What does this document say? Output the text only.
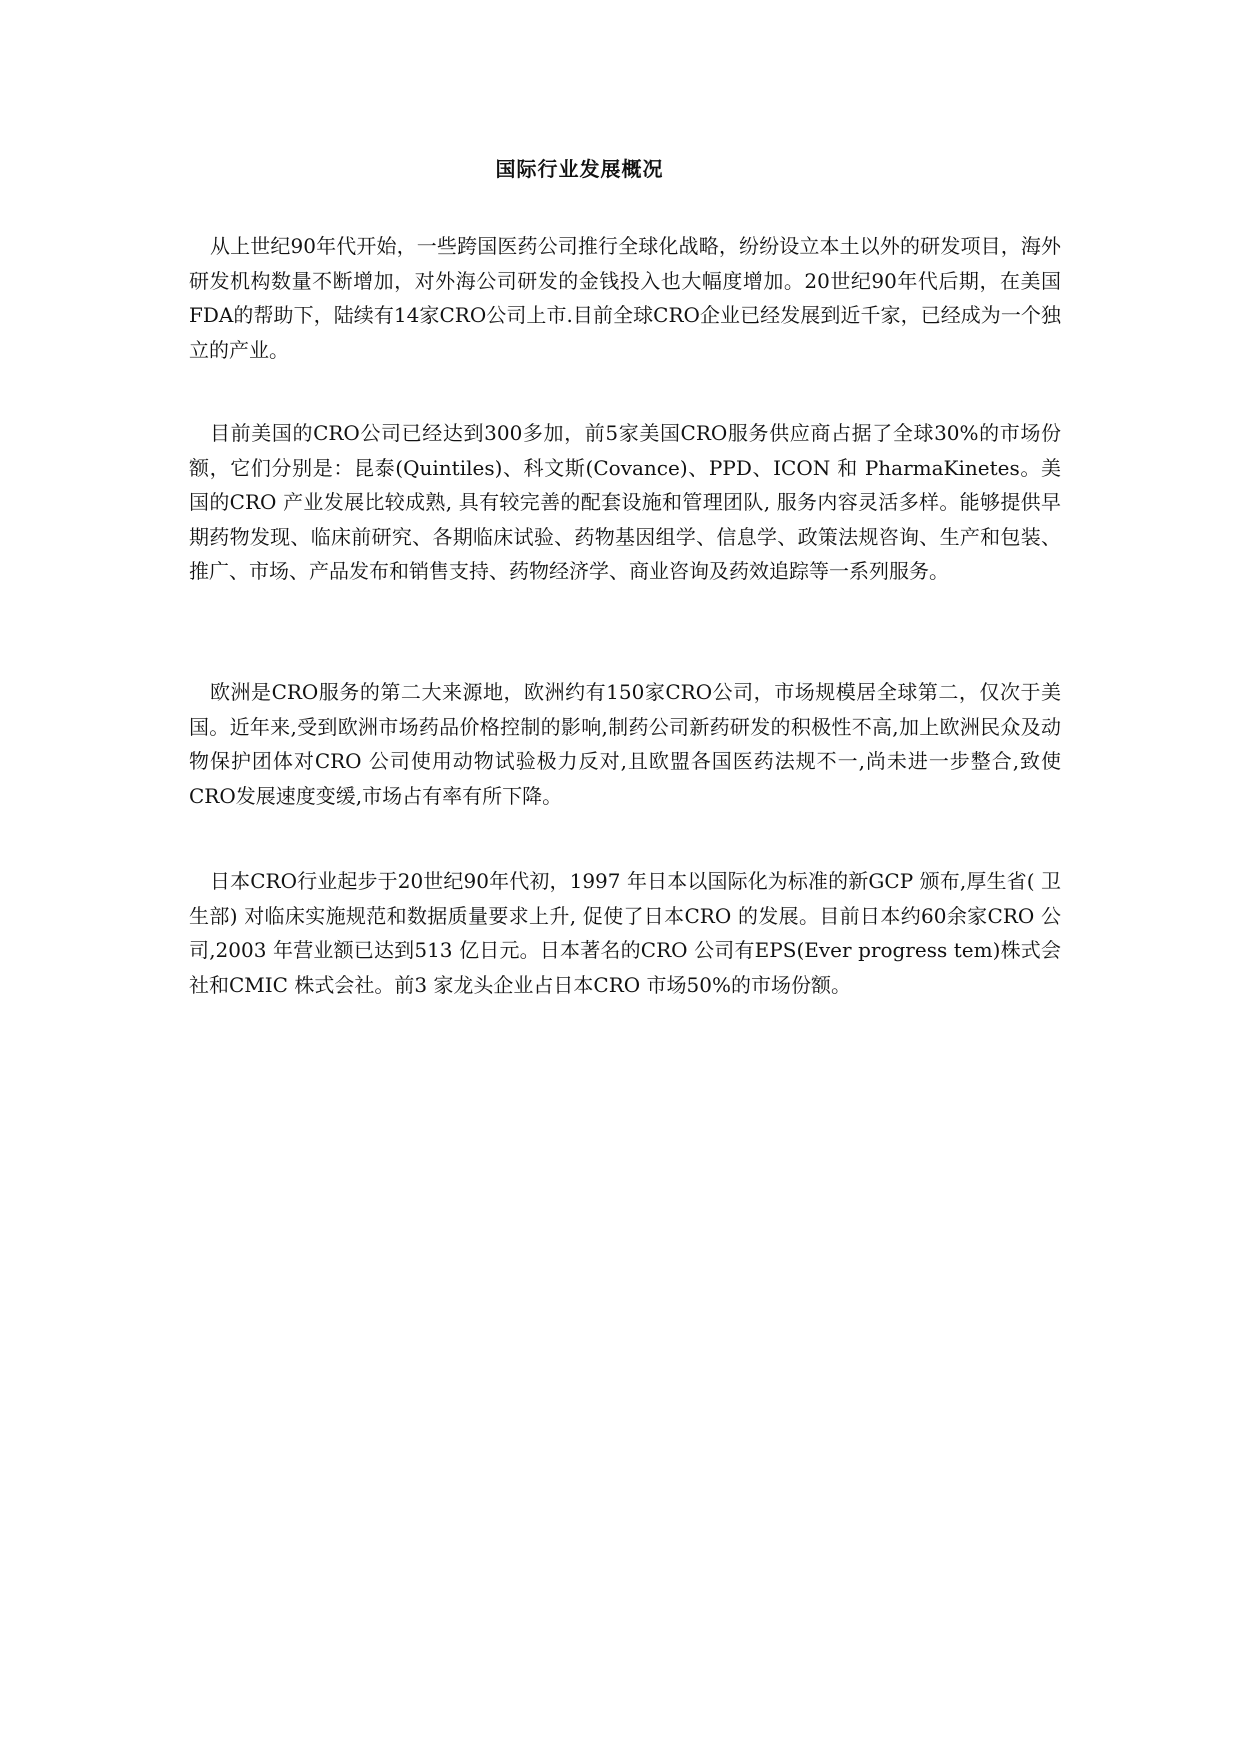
国际行业发展概况

从上世纪90年代开始，一些跨国医药公司推行全球化战略，纷纷设立本土以外的研发项目，海外研发机构数量不断增加，对外海公司研发的金钱投入也大幅度增加。20世纪90年代后期，在美国FDA的帮助下，陆续有14家CRO公司上市.目前全球CRO企业已经发展到近千家，已经成为一个独立的产业。

目前美国的CRO公司已经达到300多加，前5家美国CRO服务供应商占据了全球30%的市场份额，它们分别是：昆泰(Quintiles)、科文斯(Covance)、PPD、ICON 和 PharmaKinetes。美国的CRO 产业发展比较成熟, 具有较完善的配套设施和管理团队, 服务内容灵活多样。能够提供早期药物发现、临床前研究、各期临床试验、药物基因组学、信息学、政策法规咨询、生产和包装、推广、市场、产品发布和销售支持、药物经济学、商业咨询及药效追踪等一系列服务。

欧洲是CRO服务的第二大来源地，欧洲约有150家CRO公司，市场规模居全球第二，仅次于美国。近年来,受到欧洲市场药品价格控制的影响,制药公司新药研发的积极性不高,加上欧洲民众及动物保护团体对CRO 公司使用动物试验极力反对,且欧盟各国医药法规不一,尚未进一步整合,致使CRO发展速度变缓,市场占有率有所下降。

日本CRO行业起步于20世纪90年代初，1997 年日本以国际化为标准的新GCP 颁布,厚生省( 卫生部) 对临床实施规范和数据质量要求上升, 促使了日本CRO 的发展。目前日本约60余家CRO 公司,2003 年营业额已达到513 亿日元。日本著名的CRO 公司有EPS(Ever progress tem)株式会社和CMIC 株式会社。前3 家龙头企业占日本CRO 市场50%的市场份额。
